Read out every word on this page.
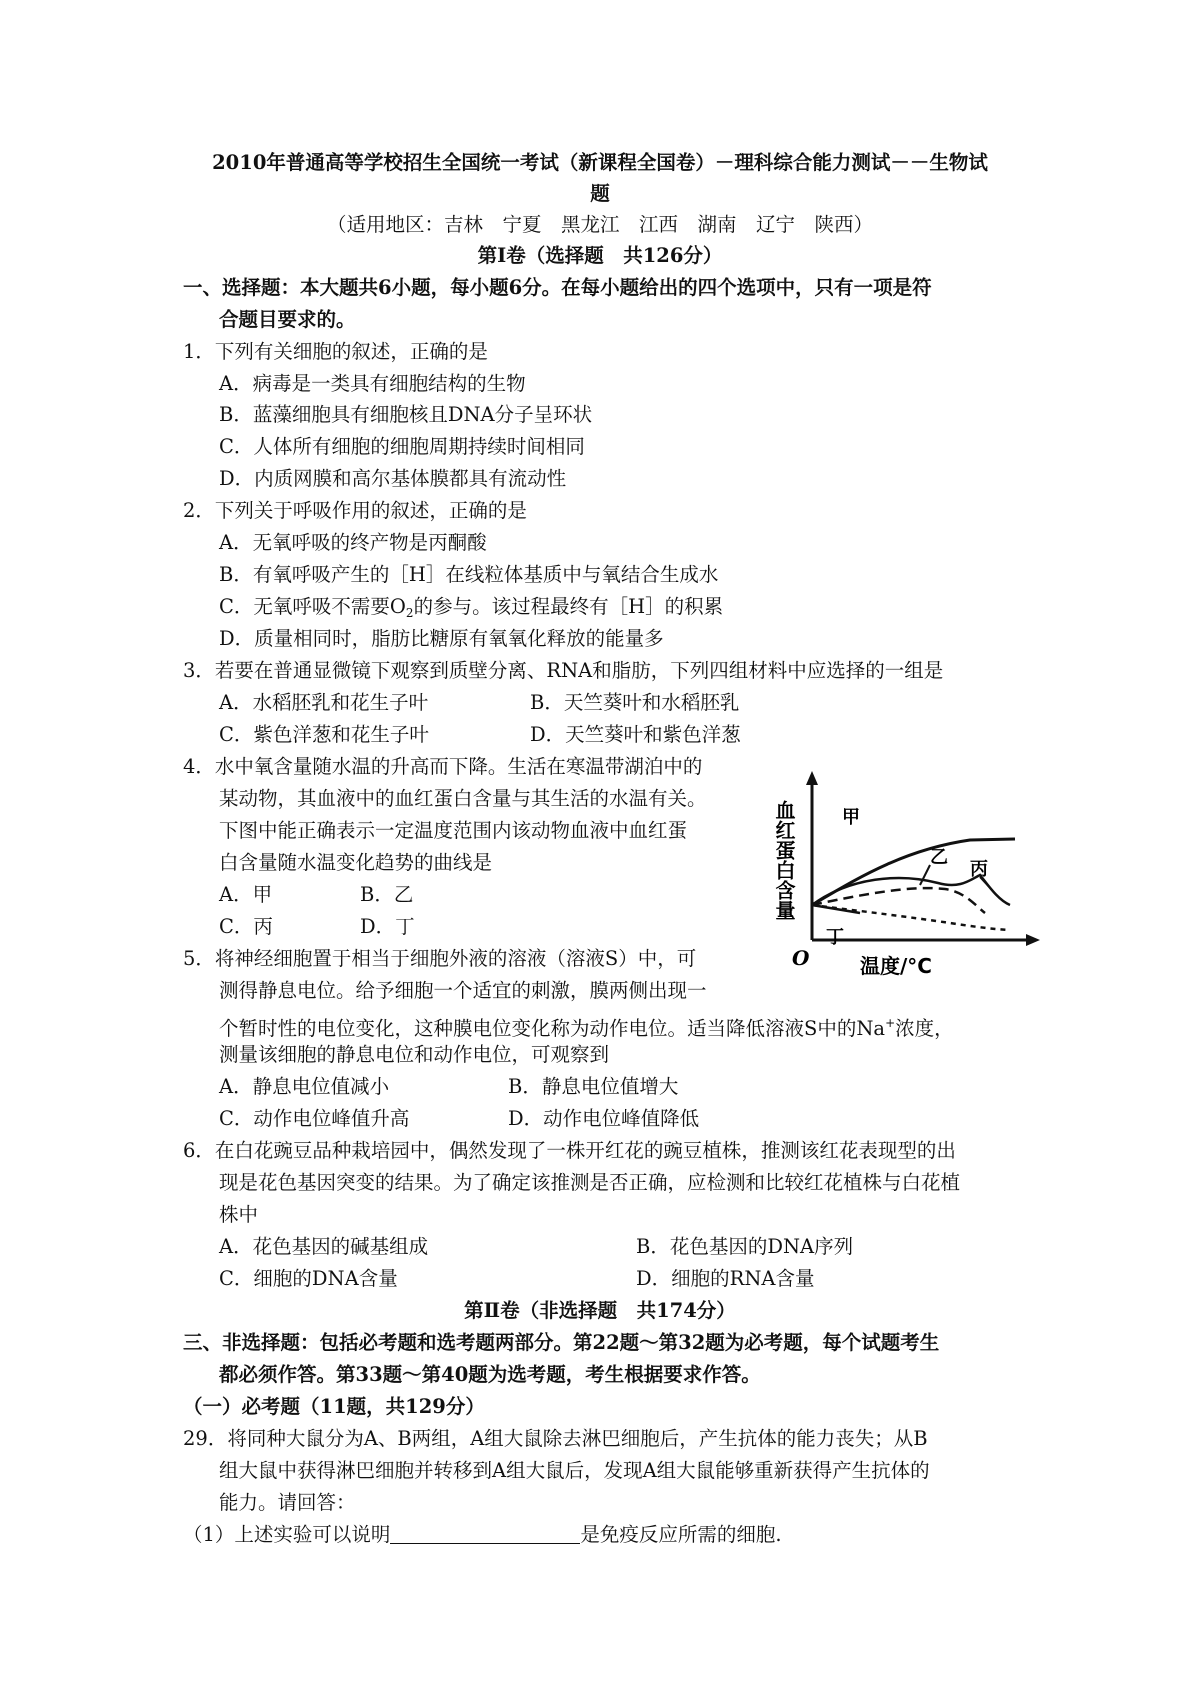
2010年普通高等学校招生全国统一考试（新课程全国卷）－理科综合能力测试－－生物试
题
（适用地区：吉林　宁夏　黑龙江　江西　湖南　辽宁　陕西）
第Ⅰ卷（选择题　共126分）
一、选择题：本大题共6小题，每小题6分。在每小题给出的四个选项中，只有一项是符
合题目要求的。
1．下列有关细胞的叙述，正确的是
A．病毒是一类具有细胞结构的生物
B．蓝藻细胞具有细胞核且DNA分子呈环状
C．人体所有细胞的细胞周期持续时间相同
D．内质网膜和高尔基体膜都具有流动性
2．下列关于呼吸作用的叙述，正确的是
A．无氧呼吸的终产物是丙酮酸
B．有氧呼吸产生的［H］在线粒体基质中与氧结合生成水
C．无氧呼吸不需要$O_2$的参与。该过程最终有［H］的积累
D．质量相同时，脂肪比糖原有氧氧化释放的能量多
3．若要在普通显微镜下观察到质壁分离、RNA和脂肪，下列四组材料中应选择的一组是
A．水稻胚乳和花生子叶	B．天竺葵叶和水稻胚乳
C．紫色洋葱和花生子叶	D．天竺葵叶和紫色洋葱
4．水中氧含量随水温的升高而下降。生活在寒温带湖泊中的
某动物，其血液中的血红蛋白含量与其生活的水温有关。
下图中能正确表示一定温度范围内该动物血液中血红蛋
白含量随水温变化趋势的曲线是
A．甲	B．乙
C．丙	D．丁
血红蛋白含量
温度/°C
O
甲
乙
丙
丁
5．将神经细胞置于相当于细胞外液的溶液（溶液S）中，可
测得静息电位。给予细胞一个适宜的刺激，膜两侧出现一
个暂时性的电位变化，这种膜电位变化称为动作电位。适当降低溶液S中的Na+浓度，
测量该细胞的静息电位和动作电位，可观察到
A．静息电位值减小	B．静息电位值增大
C．动作电位峰值升高	D．动作电位峰值降低
6．在白花豌豆品种栽培园中，偶然发现了一株开红花的豌豆植株，推测该红花表现型的出
现是花色基因突变的结果。为了确定该推测是否正确，应检测和比较红花植株与白花植
株中
A．花色基因的碱基组成	B．花色基因的DNA序列
C．细胞的DNA含量	D．细胞的RNA含量
第Ⅱ卷（非选择题　共174分）
三、非选择题：包括必考题和选考题两部分。第22题～第32题为必考题，每个试题考生
都必须作答。第33题～第40题为选考题，考生根据要求作答。
（一）必考题（11题，共129分）
29．将同种大鼠分为A、B两组，A组大鼠除去淋巴细胞后，产生抗体的能力丧失；从B
组大鼠中获得淋巴细胞并转移到A组大鼠后，发现A组大鼠能够重新获得产生抗体的
能力。请回答：
（1）上述实验可以说明	是免疫反应所需的细胞.
